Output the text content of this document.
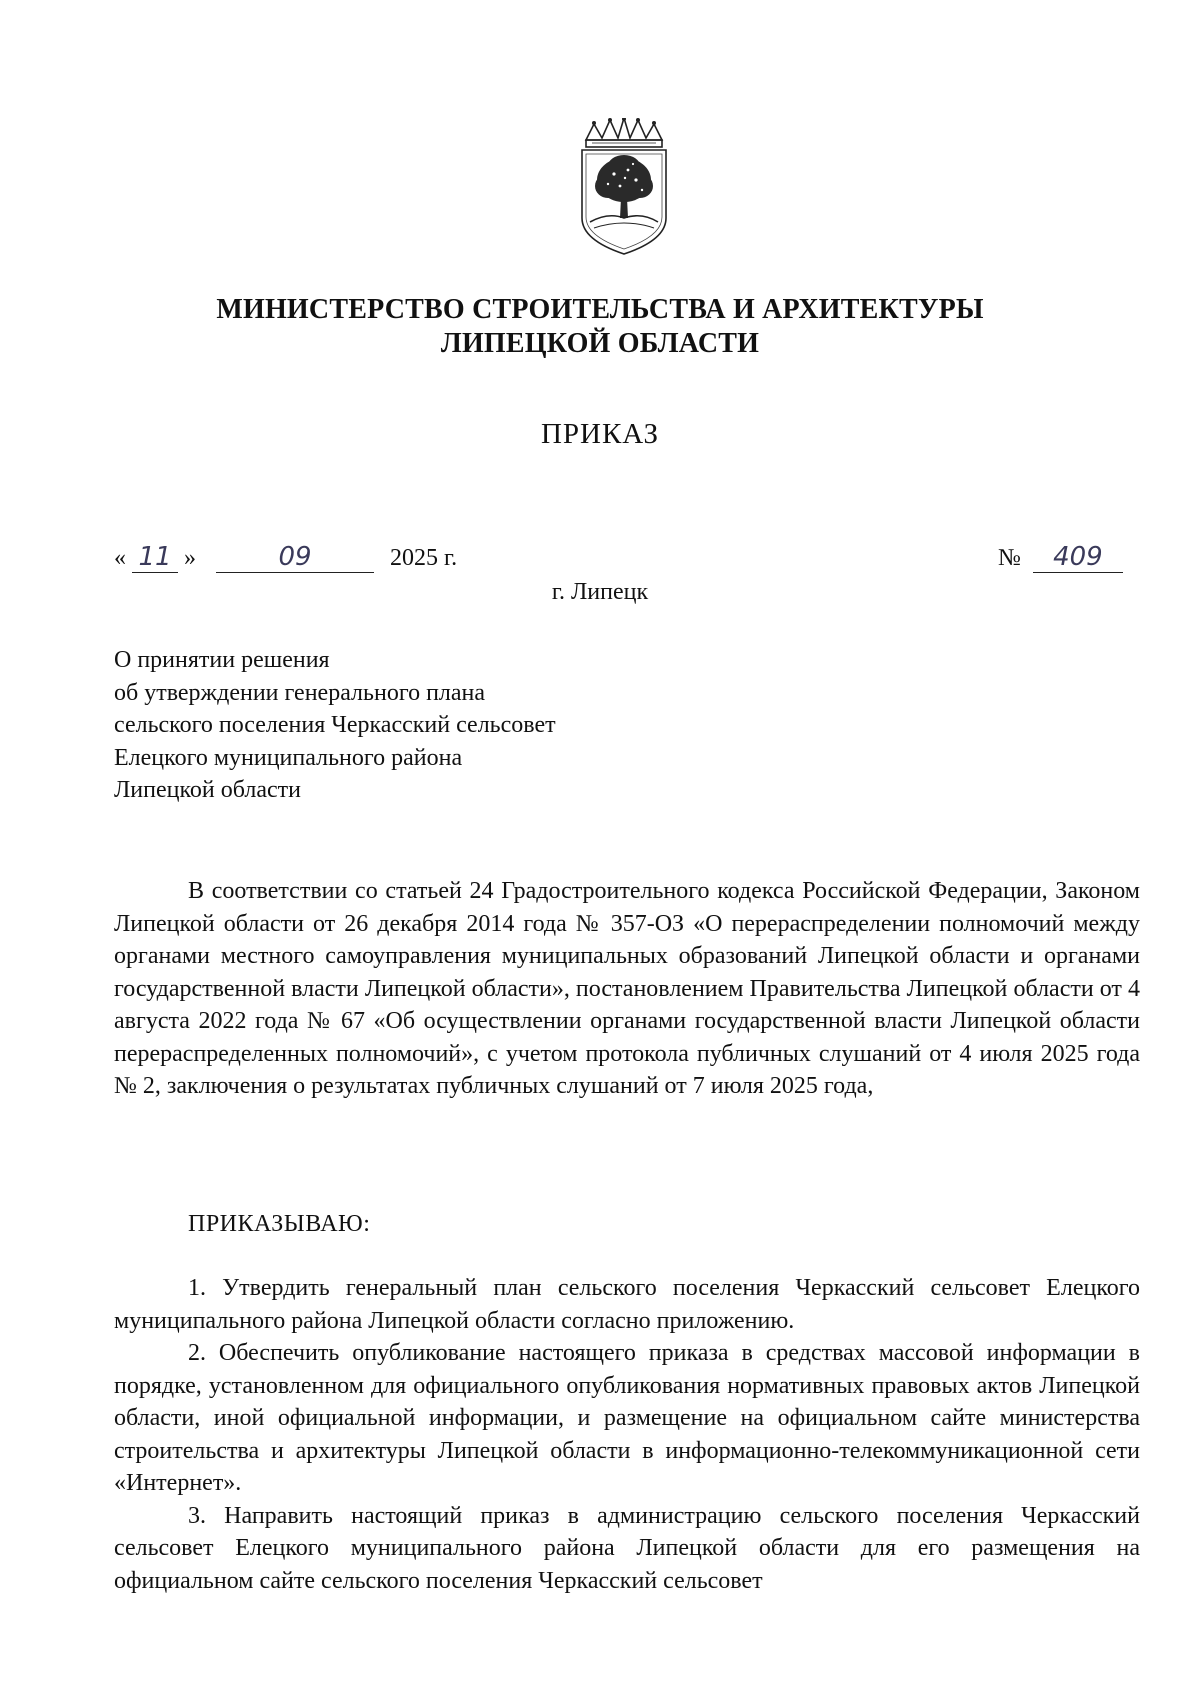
МИНИСТЕРСТВО СТРОИТЕЛЬСТВА И АРХИТЕКТУРЫ
ЛИПЕЦКОЙ ОБЛАСТИ
ПРИКАЗ
« 11 »	09	2025 г.	№ 409
г. Липецк
О принятии решения
об утверждении генерального плана
сельского поселения Черкасский сельсовет
Елецкого муниципального района
Липецкой области

В соответствии со статьей 24 Градостроительного кодекса Российской Федерации, Законом Липецкой области от 26 декабря 2014 года № 357-ОЗ «О перераспределении полномочий между органами местного самоуправления муниципальных образований Липецкой области и органами государственной власти Липецкой области», постановлением Правительства Липецкой области от 4 августа 2022 года № 67 «Об осуществлении органами государственной власти Липецкой области перераспределенных полномочий», с учетом протокола публичных слушаний от 4 июля 2025 года № 2, заключения о результатах публичных слушаний от 7 июля 2025 года,

ПРИКАЗЫВАЮ:

1. Утвердить генеральный план сельского поселения Черкасский сельсовет Елецкого муниципального района Липецкой области согласно приложению.

2. Обеспечить опубликование настоящего приказа в средствах массовой информации в порядке, установленном для официального опубликования нормативных правовых актов Липецкой области, иной официальной информации, и размещение на официальном сайте министерства строительства и архитектуры Липецкой области в информационно-телекоммуникационной сети «Интернет».

3. Направить настоящий приказ в администрацию сельского поселения Черкасский сельсовет Елецкого муниципального района Липецкой области для его размещения на официальном сайте сельского поселения Черкасский сельсовет
